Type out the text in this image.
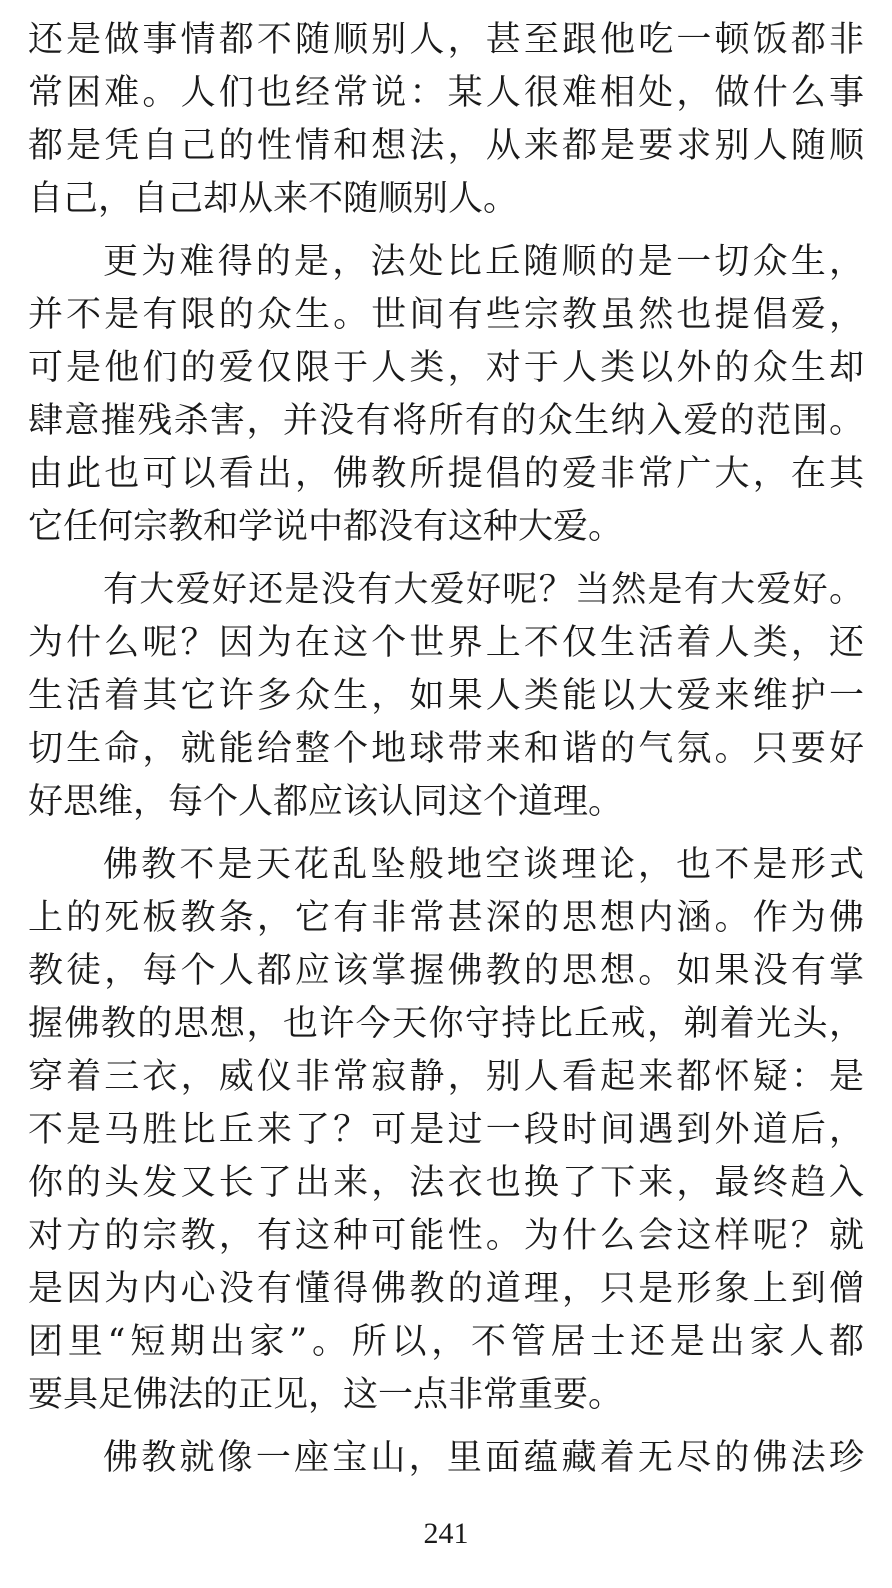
还是做事情都不随顺别人，甚至跟他吃一顿饭都非
常困难。人们也经常说：某人很难相处，做什么事
都是凭自己的性情和想法，从来都是要求别人随顺
自己，自己却从来不随顺别人。
更为难得的是，法处比丘随顺的是一切众生，
并不是有限的众生。世间有些宗教虽然也提倡爱，
可是他们的爱仅限于人类，对于人类以外的众生却
肆意摧残杀害，并没有将所有的众生纳入爱的范围。
由此也可以看出，佛教所提倡的爱非常广大，在其
它任何宗教和学说中都没有这种大爱。
有大爱好还是没有大爱好呢？当然是有大爱好。
为什么呢？因为在这个世界上不仅生活着人类，还
生活着其它许多众生，如果人类能以大爱来维护一
切生命，就能给整个地球带来和谐的气氛。只要好
好思维，每个人都应该认同这个道理。
佛教不是天花乱坠般地空谈理论，也不是形式
上的死板教条，它有非常甚深的思想内涵。作为佛
教徒，每个人都应该掌握佛教的思想。如果没有掌
握佛教的思想，也许今天你守持比丘戒，剃着光头，
穿着三衣，威仪非常寂静，别人看起来都怀疑：是
不是马胜比丘来了？可是过一段时间遇到外道后，
你的头发又长了出来，法衣也换了下来，最终趋入
对方的宗教，有这种可能性。为什么会这样呢？就
是因为内心没有懂得佛教的道理，只是形象上到僧
团里“短期出家”。所以，不管居士还是出家人都
要具足佛法的正见，这一点非常重要。
佛教就像一座宝山，里面蕴藏着无尽的佛法珍
241
